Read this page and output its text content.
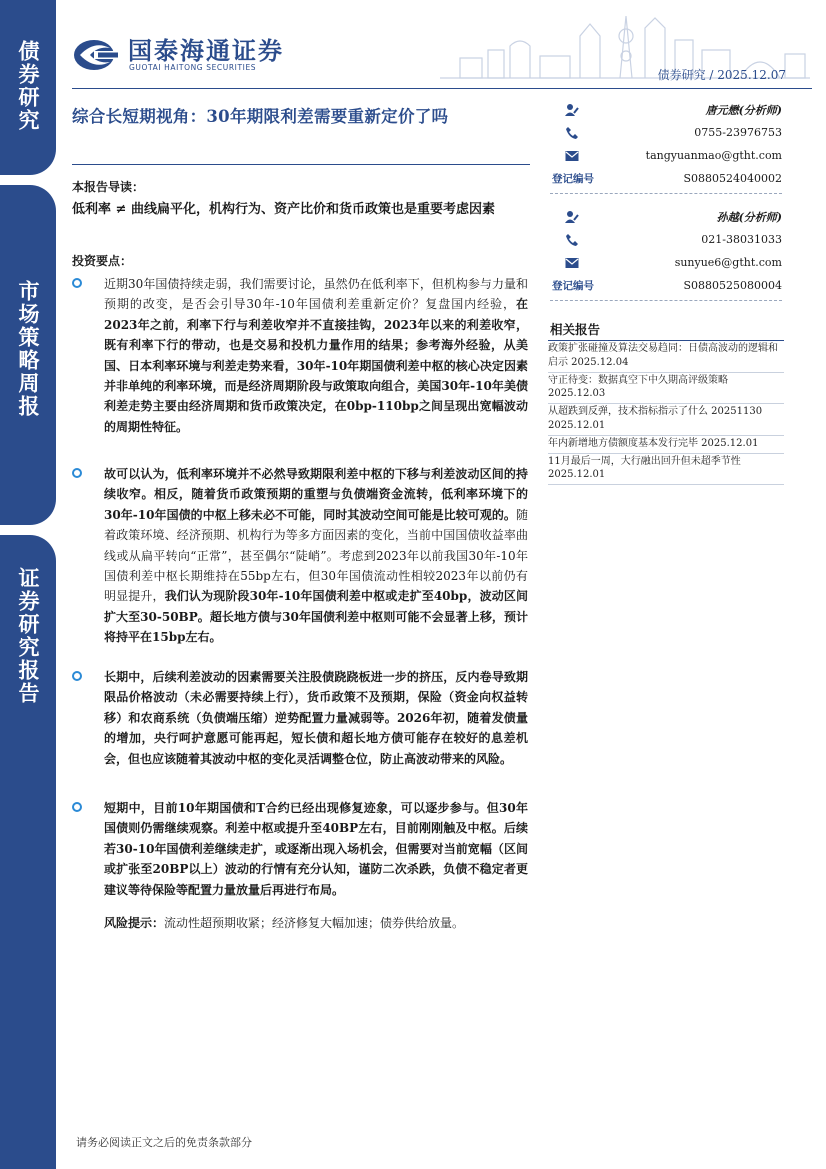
债券研究
市场策略周报
证券研究报告
国泰海通证券
GUOTAI HAITONG SECURITIES
债券研究 / 2025.12.07
综合长短期视角：30年期限利差需要重新定价了吗
本报告导读：
低利率 ≠ 曲线扁平化，机构行为、资产比价和货币政策也是重要考虑因素
投资要点：

近期30年国债持续走弱，我们需要讨论，虽然仍在低利率下，但机构参与力量和预期的改变，是否会引导30年-10年国债利差重新定价？复盘国内经验，在2023年之前，利率下行与利差收窄并不直接挂钩，2023年以来的利差收窄，既有利率下行的带动，也是交易和投机力量作用的结果；参考海外经验，从美国、日本利率环境与利差走势来看，30年-10年期国债利差中枢的核心决定因素并非单纯的利率环境，而是经济周期阶段与政策取向组合，美国30年-10年美债利差走势主要由经济周期和货币政策决定，在0bp-110bp之间呈现出宽幅波动的周期性特征。

故可以认为，低利率环境并不必然导致期限利差中枢的下移与利差波动区间的持续收窄。相反，随着货币政策预期的重塑与负债端资金流转，低利率环境下的30年-10年国债的中枢上移未必不可能，同时其波动空间可能是比较可观的。随着政策环境、经济预期、机构行为等多方面因素的变化，当前中国国债收益率曲线或从扁平转向“正常”，甚至偶尔“陡峭”。考虑到2023年以前我国30年-10年国债利差中枢长期维持在55bp左右，但30年国债流动性相较2023年以前仍有明显提升，我们认为现阶段30年-10年国债利差中枢或走扩至40bp，波动区间扩大至30-50BP。超长地方债与30年国债利差中枢则可能不会显著上移，预计将持平在15bp左右。

长期中，后续利差波动的因素需要关注股债跷跷板进一步的挤压，反内卷导致期限品价格波动（未必需要持续上行），货币政策不及预期，保险（资金向权益转移）和农商系统（负债端压缩）逆势配置力量减弱等。2026年初，随着发债量的增加，央行呵护意愿可能再起，短长债和超长地方债可能存在较好的息差机会，但也应该随着其波动中枢的变化灵活调整仓位，防止高波动带来的风险。

短期中，目前10年期国债和T合约已经出现修复迹象，可以逐步参与。但30年国债则仍需继续观察。利差中枢或提升至40BP左右，目前刚刚触及中枢。后续若30-10年国债利差继续走扩，或逐渐出现入场机会，但需要对当前宽幅（区间或扩张至20BP以上）波动的行情有充分认知，谨防二次杀跌，负债不稳定者更建议等待保险等配置力量放量后再进行布局。

风险提示：流动性超预期收紧；经济修复大幅加速；债券供给放量。
唐元懋(分析师)
0755-23976753
tangyuanmao@gtht.com
登记编号	S0880524040002
孙越(分析师)
021-38031033
sunyue6@gtht.com
登记编号	S0880525080004
相关报告
政策扩张碰撞及算法交易趋同：日债高波动的逻辑和启示 2025.12.04
守正待变：数据真空下中久期高评级策略 2025.12.03
从超跌到反弹，技术指标指示了什么 20251130 2025.12.01
年内新增地方债额度基本发行完毕 2025.12.01
11月最后一周，大行融出回升但未超季节性 2025.12.01
请务必阅读正文之后的免责条款部分
